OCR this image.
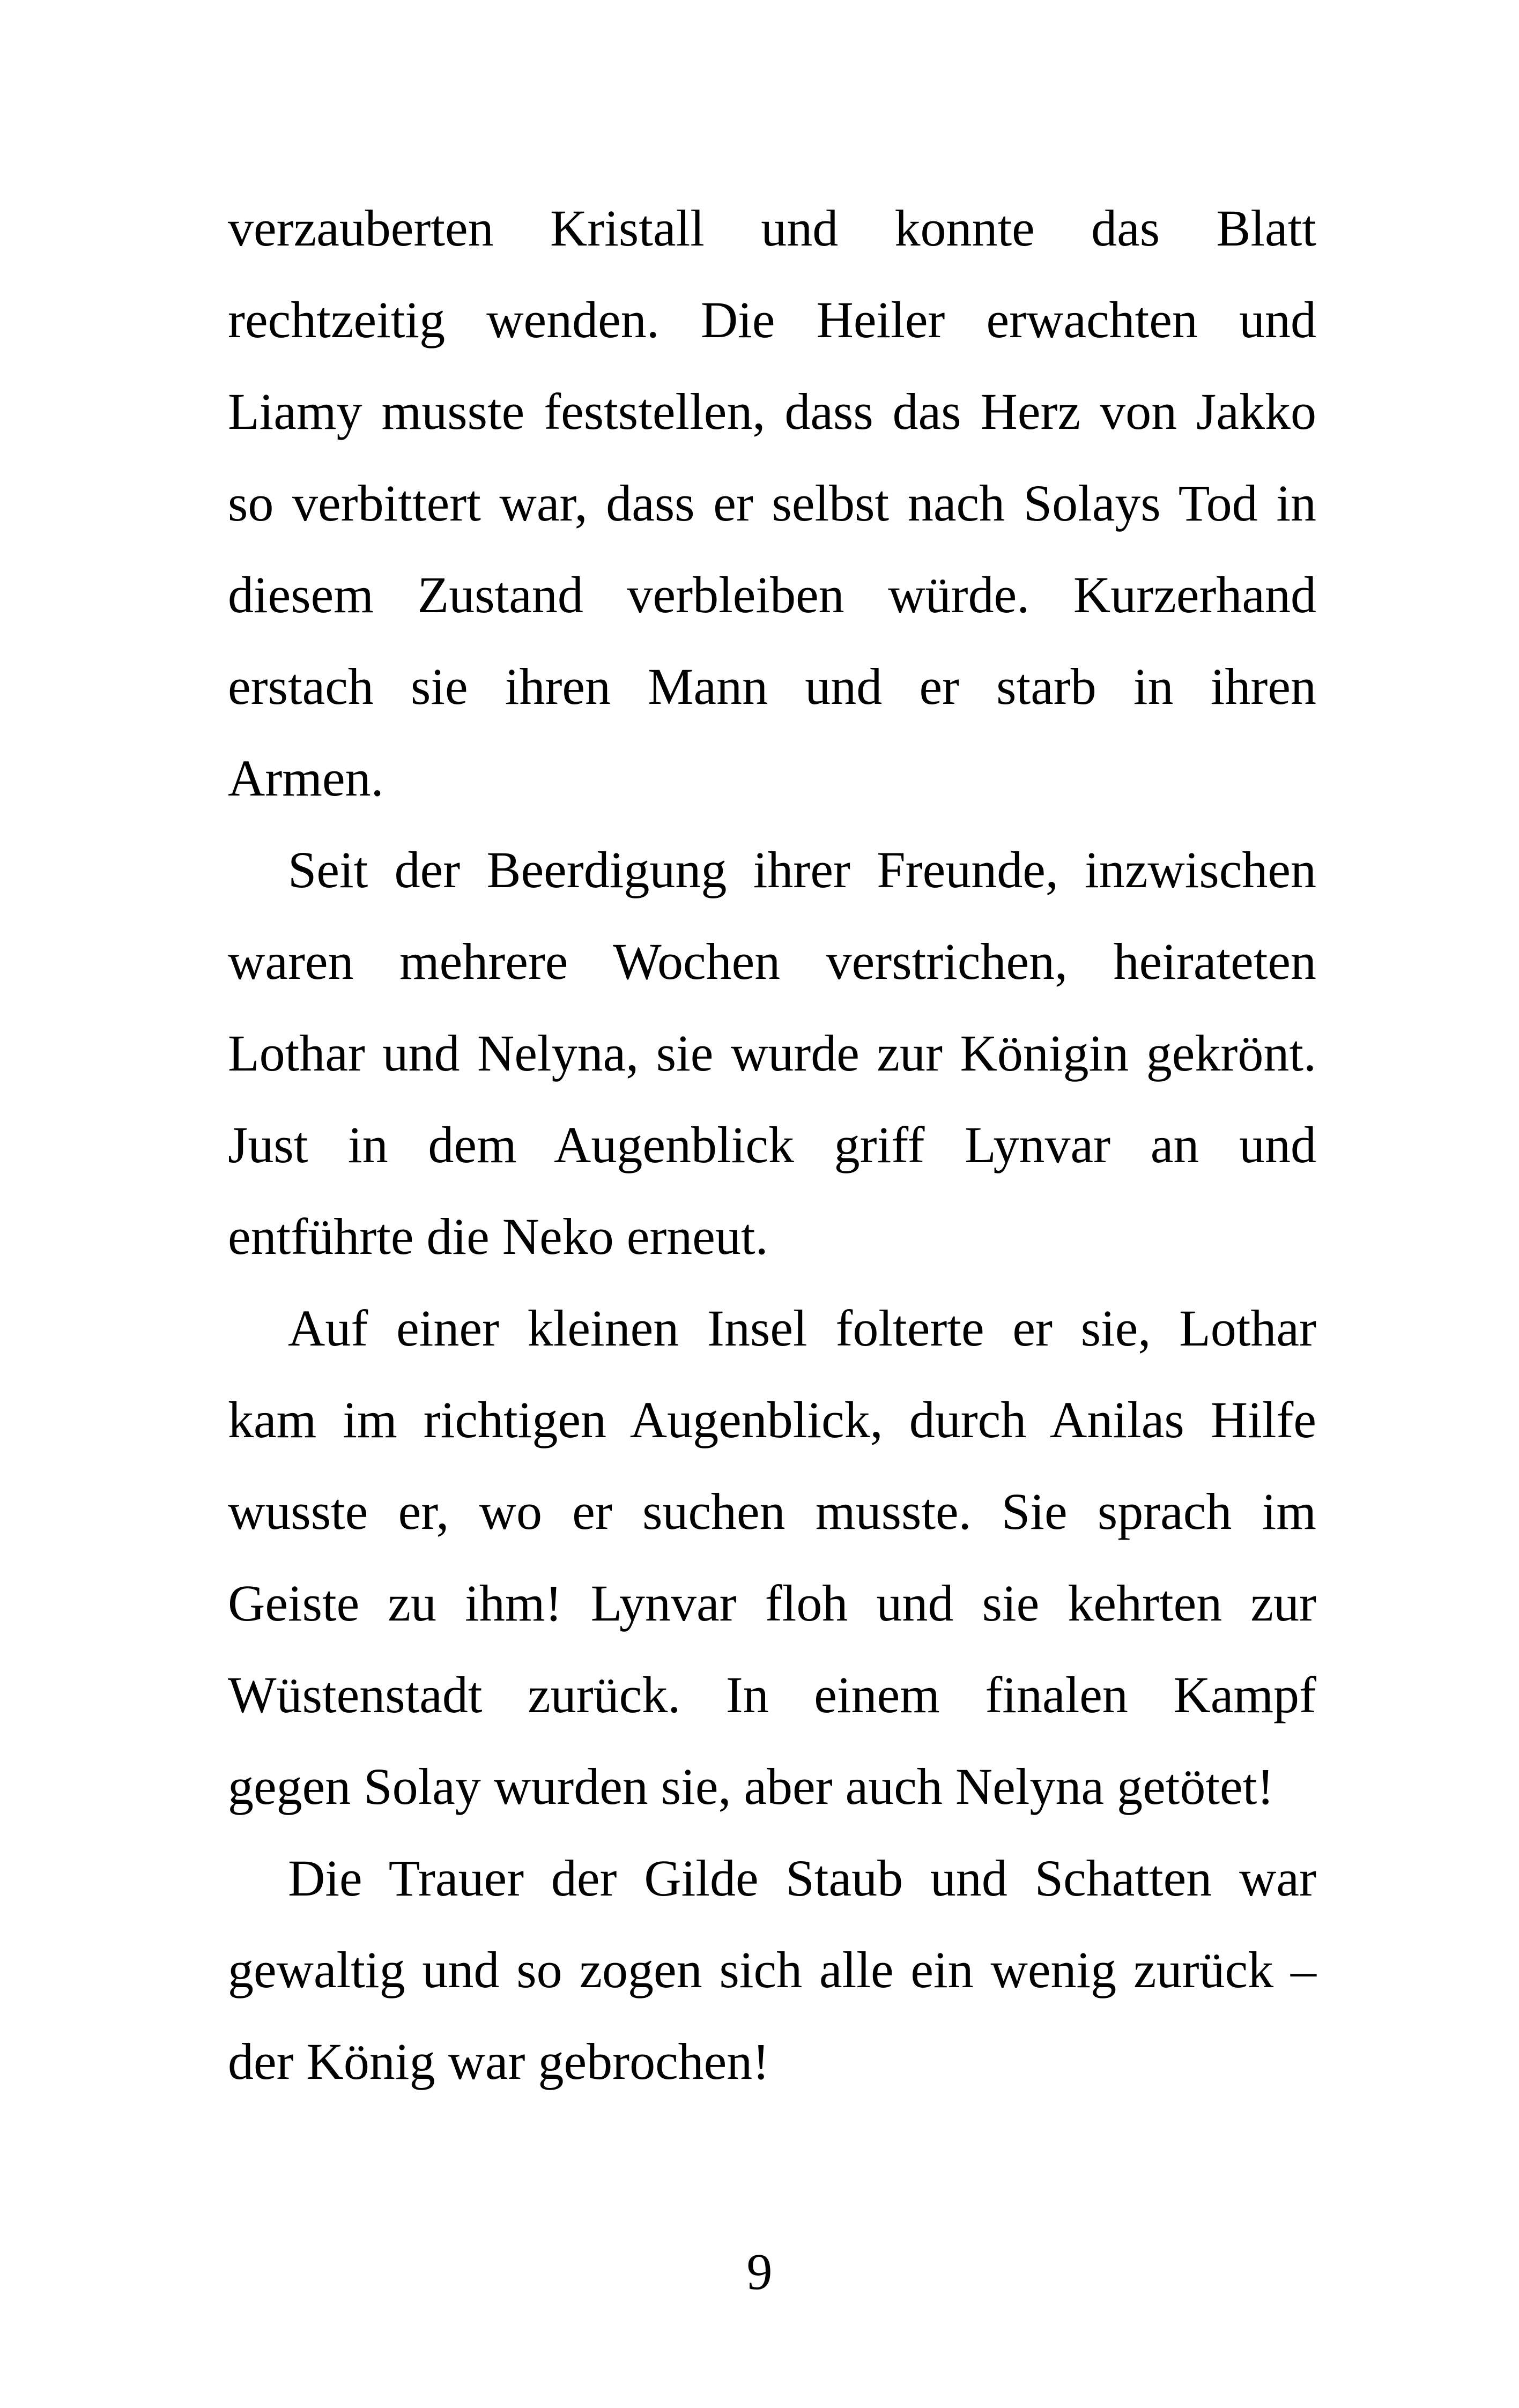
verzauberten Kristall und konnte das Blatt
rechtzeitig wenden. Die Heiler erwachten und
Liamy musste feststellen, dass das Herz von Jakko
so verbittert war, dass er selbst nach Solays Tod in
diesem Zustand verbleiben würde. Kurzerhand
erstach sie ihren Mann und er starb in ihren
Armen.

Seit der Beerdigung ihrer Freunde, inzwischen
waren mehrere Wochen verstrichen, heirateten
Lothar und Nelyna, sie wurde zur Königin gekrönt.
Just in dem Augenblick griff Lynvar an und
entführte die Neko erneut.

Auf einer kleinen Insel folterte er sie, Lothar
kam im richtigen Augenblick, durch Anilas Hilfe
wusste er, wo er suchen musste. Sie sprach im
Geiste zu ihm! Lynvar floh und sie kehrten zur
Wüstenstadt zurück. In einem finalen Kampf
gegen Solay wurden sie, aber auch Nelyna getötet!

Die Trauer der Gilde Staub und Schatten war
gewaltig und so zogen sich alle ein wenig zurück –
der König war gebrochen!

9
